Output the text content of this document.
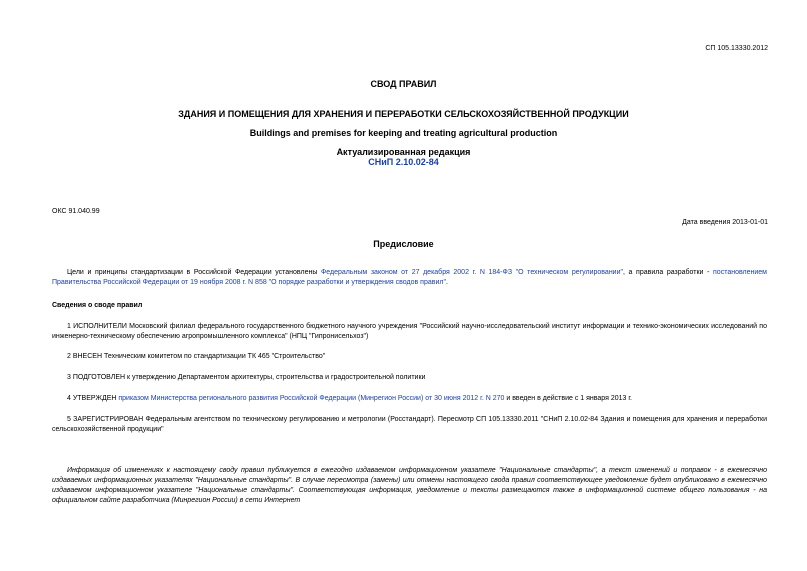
СП 105.13330.2012
СВОД ПРАВИЛ
ЗДАНИЯ И ПОМЕЩЕНИЯ ДЛЯ ХРАНЕНИЯ И ПЕРЕРАБОТКИ СЕЛЬСКОХОЗЯЙСТВЕННОЙ ПРОДУКЦИИ
Buildings and premises for keeping and treating agricultural production
Актуализированная редакция
СНиП 2.10.02-84
ОКС 91.040.99
Дата введения 2013-01-01
Предисловие
Цели и принципы стандартизации в Российской Федерации установлены Федеральным законом от 27 декабря 2002 г. N 184-ФЗ "О техническом регулировании", а правила разработки - постановлением Правительства Российской Федерации от 19 ноября 2008 г. N 858 "О порядке разработки и утверждения сводов правил".
Сведения о своде правил
1 ИСПОЛНИТЕЛИ Московский филиал федерального государственного бюджетного научного учреждения "Российский научно-исследовательский институт информации и технико-экономических исследований по инженерно-техническому обеспечению агропромышленного комплекса" (НПЦ "Гипронисельхоз")
2 ВНЕСЕН Техническим комитетом по стандартизации ТК 465 "Строительство"
3 ПОДГОТОВЛЕН к утверждению Департаментом архитектуры, строительства и градостроительной политики
4 УТВЕРЖДЕН приказом Министерства регионального развития Российской Федерации (Минрегион России) от 30 июня 2012 г. N 270 и введен в действие с 1 января 2013 г.
5 ЗАРЕГИСТРИРОВАН Федеральным агентством по техническому регулированию и метрологии (Росстандарт). Пересмотр СП 105.13330.2011 "СНиП 2.10.02-84 Здания и помещения для хранения и переработки сельскохозяйственной продукции"
Информация об изменениях к настоящему своду правил публикуется в ежегодно издаваемом информационном указателе "Национальные стандарты", а текст изменений и поправок - в ежемесячно издаваемых информационных указателях "Национальные стандарты". В случае пересмотра (замены) или отмены настоящего свода правил соответствующее уведомление будет опубликовано в ежемесячно издаваемом информационном указателе "Национальные стандарты". Соответствующая информация, уведомление и тексты размещаются также в информационной системе общего пользования - на официальном сайте разработчика (Минрегион России) в сети Интернет
